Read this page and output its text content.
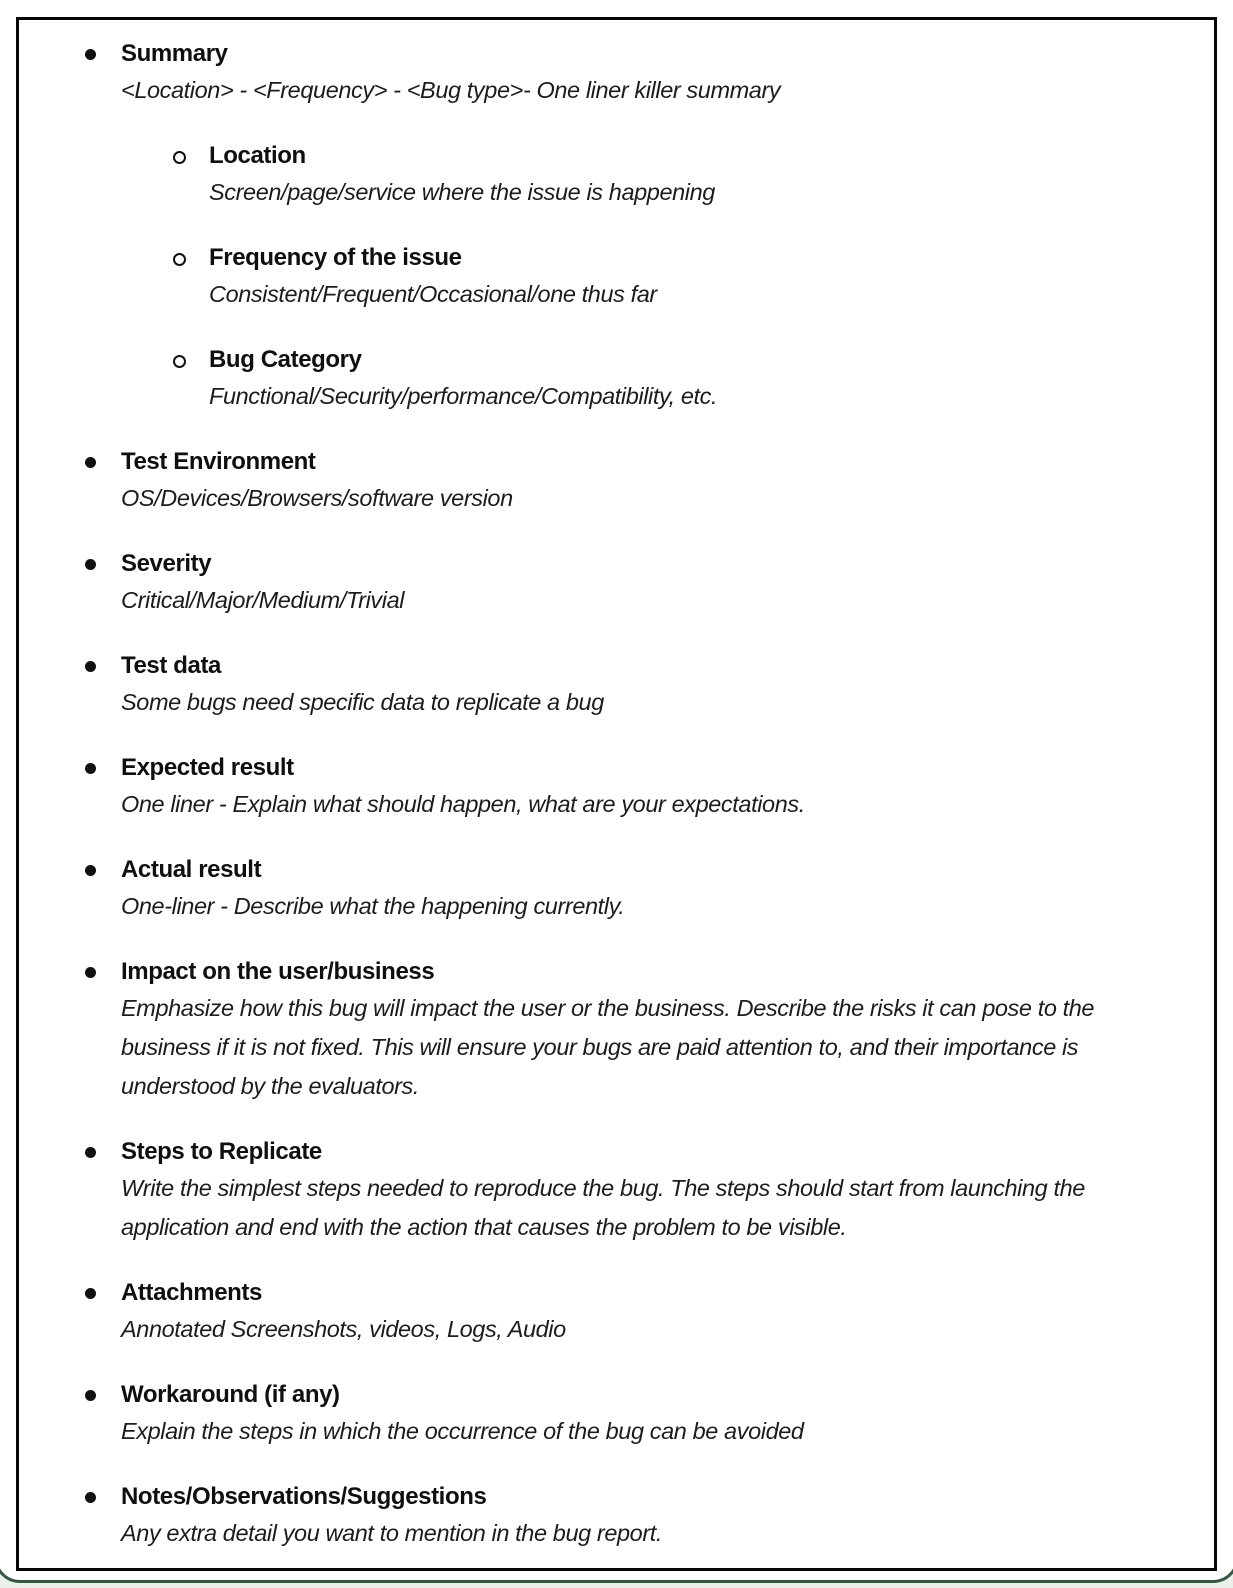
Summary
<Location> - <Frequency> - <Bug type>- One liner killer summary
Location
Screen/page/service where the issue is happening
Frequency of the issue
Consistent/Frequent/Occasional/one thus far
Bug Category
Functional/Security/performance/Compatibility, etc.
Test Environment
OS/Devices/Browsers/software version
Severity
Critical/Major/Medium/Trivial
Test data
Some bugs need specific data to replicate a bug
Expected result
One liner - Explain what should happen, what are your expectations.
Actual result
One-liner - Describe what the happening currently.
Impact on the user/business
Emphasize how this bug will impact the user or the business. Describe the risks it can pose to the business if it is not fixed. This will ensure your bugs are paid attention to, and their importance is understood by the evaluators.
Steps to Replicate
Write the simplest steps needed to reproduce the bug. The steps should start from launching the application and end with the action that causes the problem to be visible.
Attachments
Annotated Screenshots, videos, Logs, Audio
Workaround (if any)
Explain the steps in which the occurrence of the bug can be avoided
Notes/Observations/Suggestions
Any extra detail you want to mention in the bug report.
